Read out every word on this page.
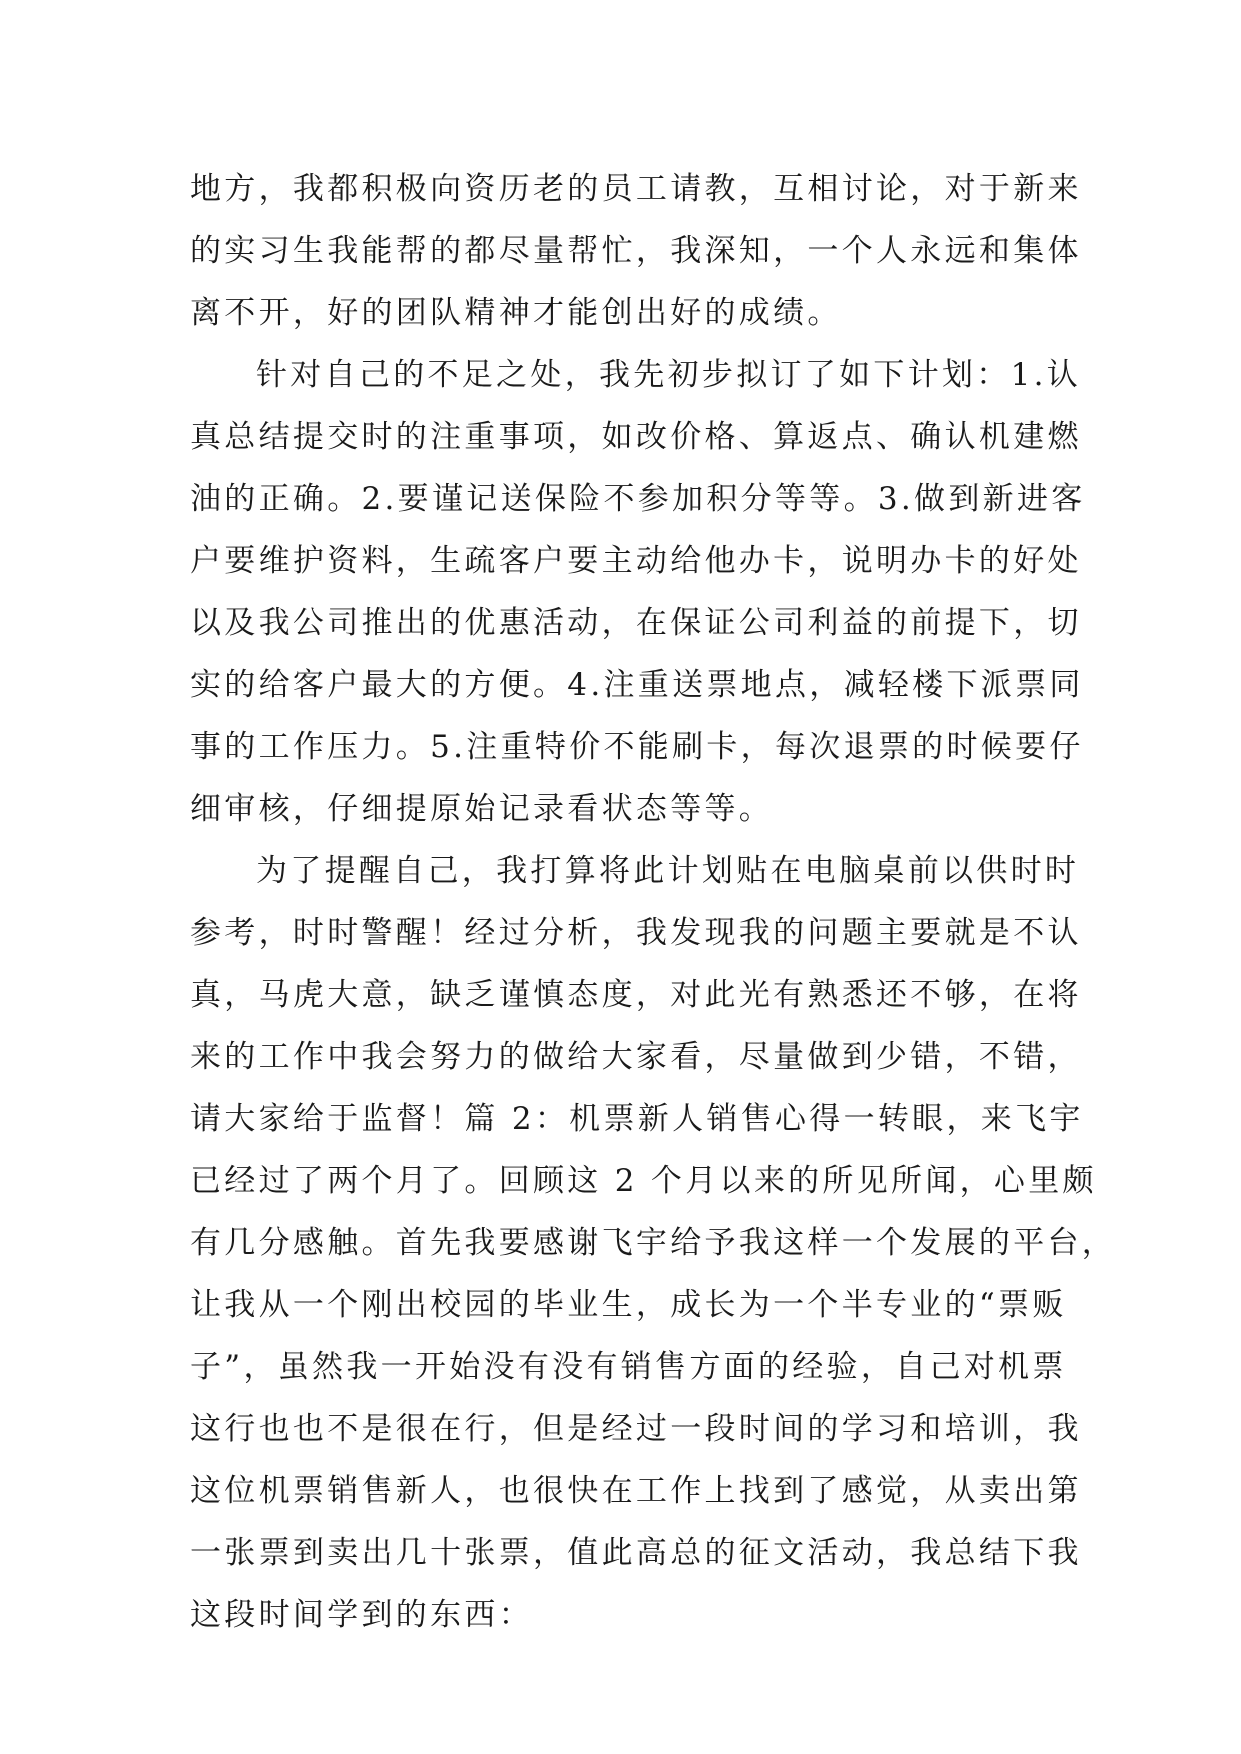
地方，我都积极向资历老的员工请教，互相讨论，对于新来
的实习生我能帮的都尽量帮忙，我深知，一个人永远和集体
离不开，好的团队精神才能创出好的成绩。
针对自己的不足之处，我先初步拟订了如下计划：1.认
真总结提交时的注重事项，如改价格、算返点、确认机建燃
油的正确。2.要谨记送保险不参加积分等等。3.做到新进客
户要维护资料，生疏客户要主动给他办卡，说明办卡的好处
以及我公司推出的优惠活动，在保证公司利益的前提下，切
实的给客户最大的方便。4.注重送票地点，减轻楼下派票同
事的工作压力。5.注重特价不能刷卡，每次退票的时候要仔
细审核，仔细提原始记录看状态等等。
为了提醒自己，我打算将此计划贴在电脑桌前以供时时
参考，时时警醒！经过分析，我发现我的问题主要就是不认
真，马虎大意，缺乏谨慎态度，对此光有熟悉还不够，在将
来的工作中我会努力的做给大家看，尽量做到少错，不错，
请大家给于监督！篇 2：机票新人销售心得一转眼，来飞宇
已经过了两个月了。回顾这 2 个月以来的所见所闻，心里颇
有几分感触。首先我要感谢飞宇给予我这样一个发展的平台，
让我从一个刚出校园的毕业生，成长为一个半专业的“票贩
子”，虽然我一开始没有没有销售方面的经验，自己对机票
这行也也不是很在行，但是经过一段时间的学习和培训，我
这位机票销售新人，也很快在工作上找到了感觉，从卖出第
一张票到卖出几十张票，值此高总的征文活动，我总结下我
这段时间学到的东西：
